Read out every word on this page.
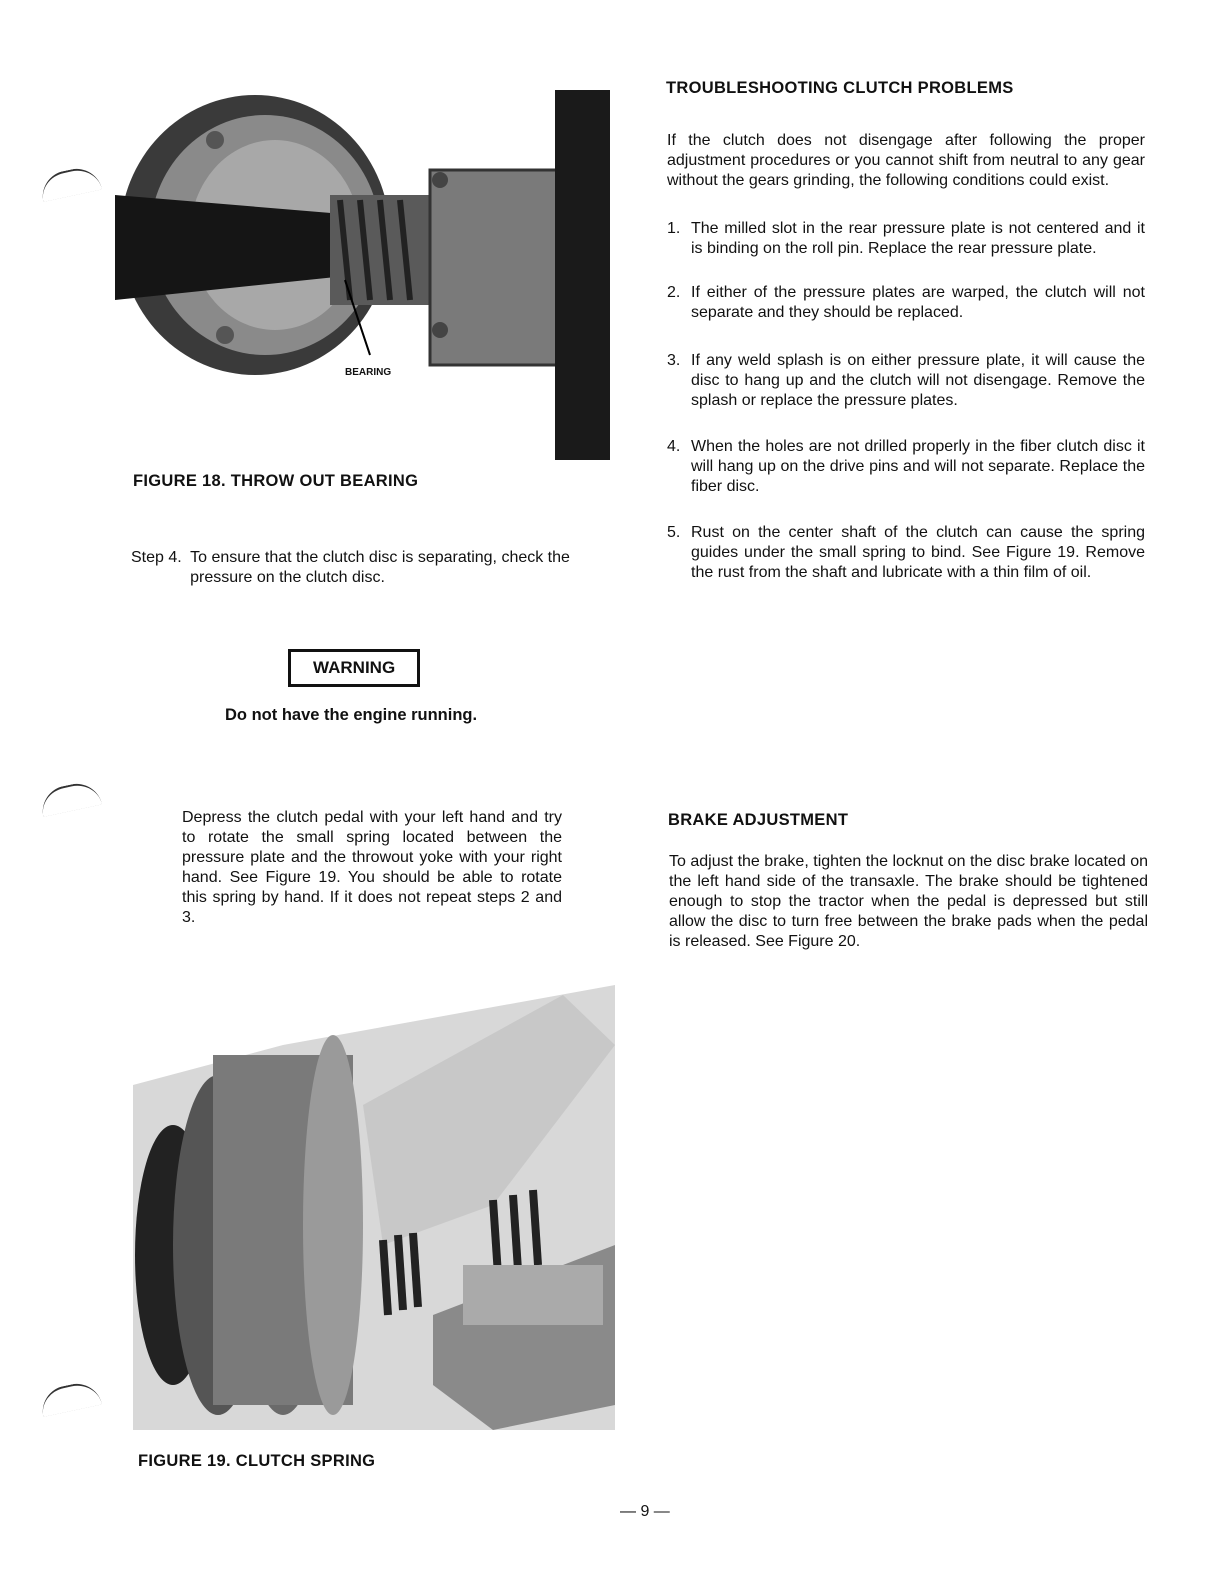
BEARING
FIGURE 18. THROW OUT BEARING
Step 4. To ensure that the clutch disc is separating, check the pressure on the clutch disc.
WARNING
Do not have the engine running.
Depress the clutch pedal with your left hand and try to rotate the small spring located between the pressure plate and the throwout yoke with your right hand. See Figure 19. You should be able to rotate this spring by hand. If it does not repeat steps 2 and 3.
FIGURE 19. CLUTCH SPRING
TROUBLESHOOTING CLUTCH PROBLEMS
If the clutch does not disengage after following the proper adjustment procedures or you cannot shift from neutral to any gear without the gears grinding, the following conditions could exist.
1. The milled slot in the rear pressure plate is not centered and it is binding on the roll pin. Replace the rear pressure plate.
2. If either of the pressure plates are warped, the clutch will not separate and they should be replaced.
3. If any weld splash is on either pressure plate, it will cause the disc to hang up and the clutch will not disengage. Remove the splash or replace the pressure plates.
4. When the holes are not drilled properly in the fiber clutch disc it will hang up on the drive pins and will not separate. Replace the fiber disc.
5. Rust on the center shaft of the clutch can cause the spring guides under the small spring to bind. See Figure 19. Remove the rust from the shaft and lubricate with a thin film of oil.
BRAKE ADJUSTMENT
To adjust the brake, tighten the locknut on the disc brake located on the left hand side of the transaxle. The brake should be tightened enough to stop the tractor when the pedal is depressed but still allow the disc to turn free between the brake pads when the pedal is released. See Figure 20.
— 9 —
